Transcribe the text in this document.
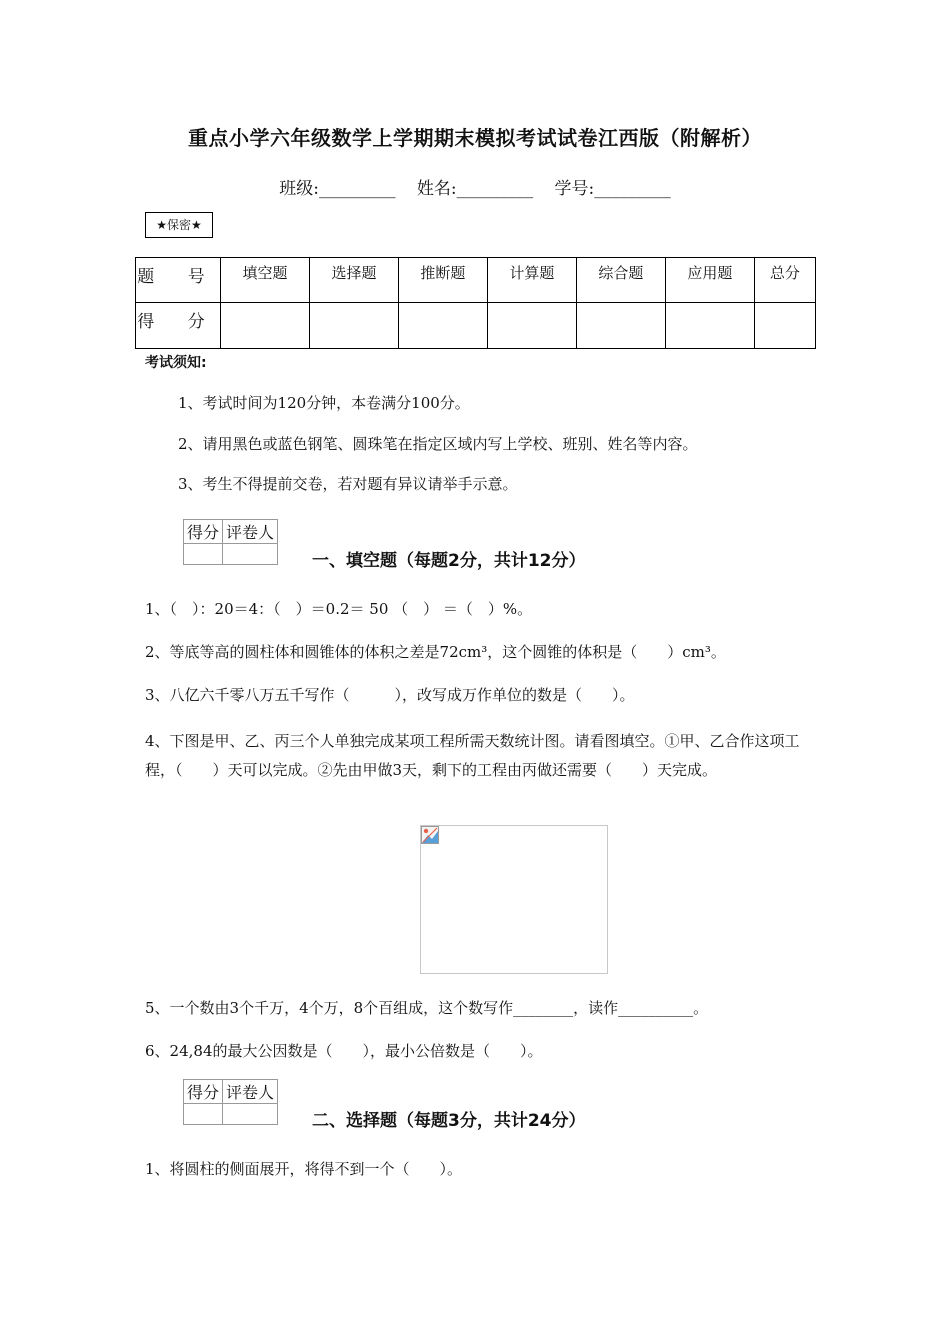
重点小学六年级数学上学期期末模拟考试试卷江西版（附解析）
班级:_________ 姓名:_________ 学号:_________
★保密★
题 号	填空题	选择题	推断题	计算题	综合题	应用题	总分
得 分							
考试须知:
1、考试时间为120分钟，本卷满分100分。
2、请用黑色或蓝色钢笔、圆珠笔在指定区域内写上学校、班别、姓名等内容。
3、考生不得提前交卷，若对题有异议请举手示意。
得分	评卷人

一、填空题（每题2分，共计12分）
1、（　）：20＝4：（　）＝0.2＝ 50 （　） ＝（　）%。
2、等底等高的圆柱体和圆锥体的体积之差是72cm³，这个圆锥的体积是（　　）cm³。
3、八亿六千零八万五千写作（　　　），改写成万作单位的数是（　　）。
4、下图是甲、乙、丙三个人单独完成某项工程所需天数统计图。请看图填空。①甲、乙合作这项工程，（　　）天可以完成。②先由甲做3天，剩下的工程由丙做还需要（　　）天完成。
5、一个数由3个千万，4个万，8个百组成，这个数写作________，读作__________。
6、24,84的最大公因数是（　　），最小公倍数是（　　）。
得分	评卷人

二、选择题（每题3分，共计24分）
1、将圆柱的侧面展开，将得不到一个（　　）。
